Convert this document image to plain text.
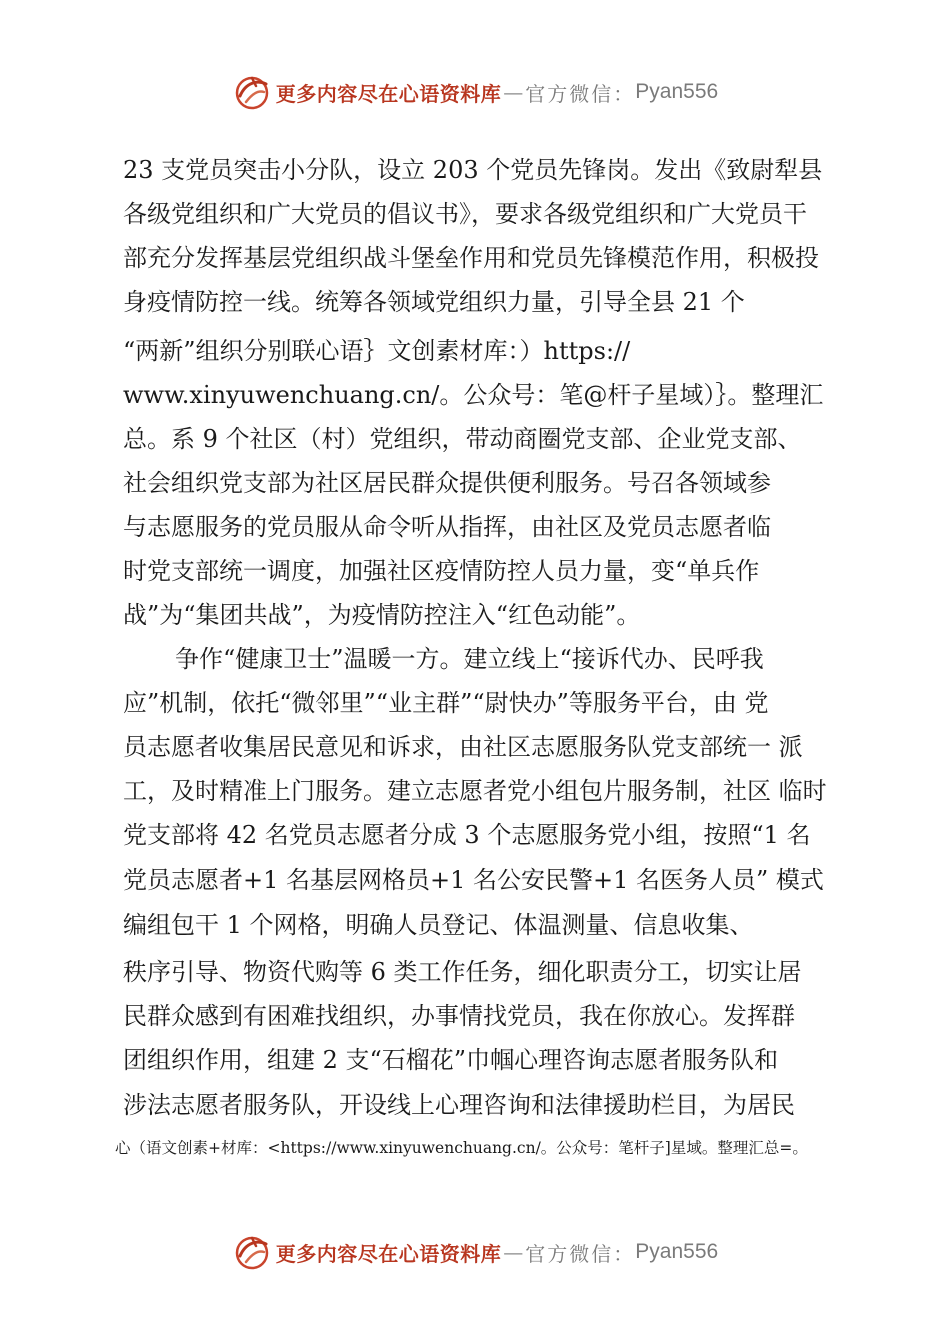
更多内容尽在心语资料库 — 官方微信： Pyan556
23 支党员突击小分队，设立 203 个党员先锋岗。发出《致尉犁县
各级党组织和广大党员的倡议书》，要求各级党组织和广大党员干
部充分发挥基层党组织战斗堡垒作用和党员先锋模范作用，积极投
身疫情防控一线。统筹各领域党组织力量，引导全县 21 个
“两新”组织分别联心语｝文创素材库：）https://
www.xinyuwenchuang.cn/。公众号：笔@杆子星域）｝。整理汇
总。系 9 个社区（村）党组织，带动商圈党支部、企业党支部、
社会组织党支部为社区居民群众提供便利服务。号召各领域参
与志愿服务的党员服从命令听从指挥，由社区及党员志愿者临
时党支部统一调度，加强社区疫情防控人员力量，变“单兵作
战”为“集团共战”，为疫情防控注入“红色动能”。
争作“健康卫士”温暖一方。建立线上“接诉代办、民呼我
应”机制，依托“微邻里”“业主群”“尉快办”等服务平台，由 党
员志愿者收集居民意见和诉求，由社区志愿服务队党支部统一 派
工，及时精准上门服务。建立志愿者党小组包片服务制，社区 临时
党支部将 42 名党员志愿者分成 3 个志愿服务党小组，按照“1 名
党员志愿者+1 名基层网格员+1 名公安民警+1 名医务人员” 模式
编组包干 1 个网格，明确人员登记、体温测量、信息收集、
秩序引导、物资代购等 6 类工作任务，细化职责分工，切实让居
民群众感到有困难找组织，办事情找党员，我在你放心。发挥群
团组织作用，组建 2 支“石榴花”巾帼心理咨询志愿者服务队和
涉法志愿者服务队，开设线上心理咨询和法律援助栏目，为居民
心（语文创素+材库：<https://www.xinyuwenchuang.cn/。公众号：笔杆子]星域。整理汇总=。
更多内容尽在心语资料库 — 官方微信： Pyan556
